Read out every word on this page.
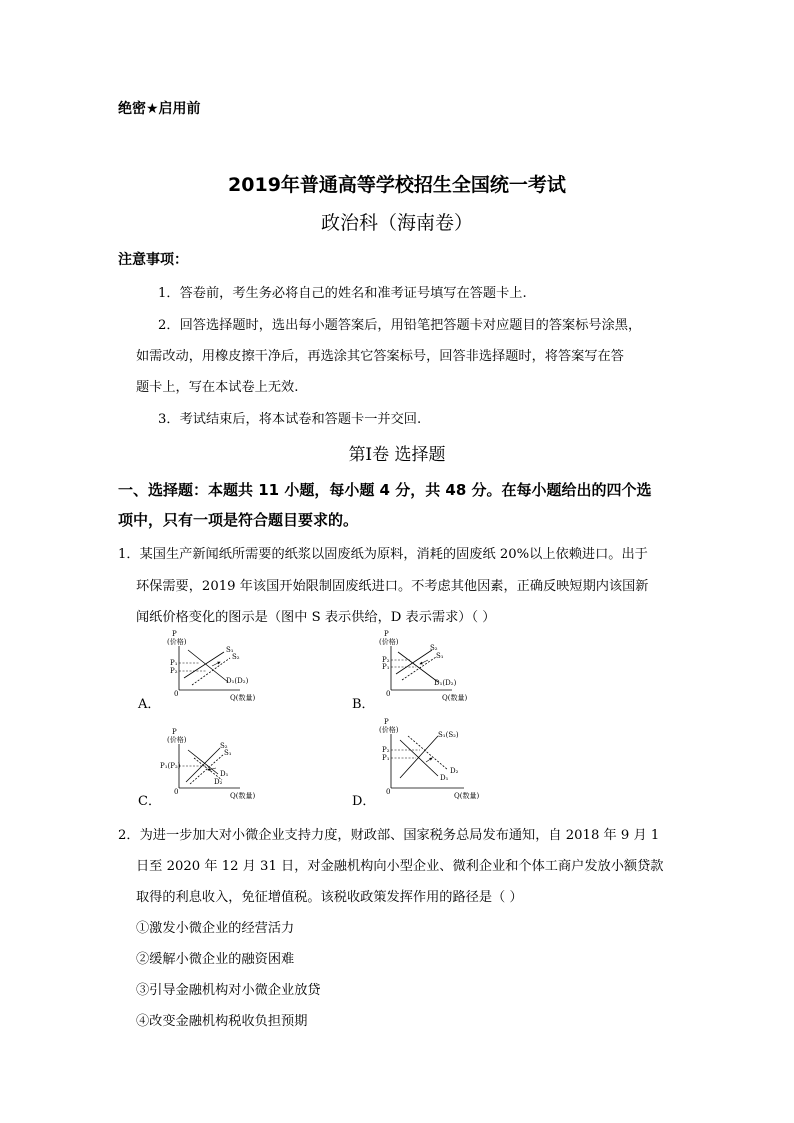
绝密★启用前
2019年普通高等学校招生全国统一考试
政治科（海南卷）
注意事项：
1．答卷前，考生务必将自己的姓名和准考证号填写在答题卡上.
2．回答选择题时，选出每小题答案后，用铅笔把答题卡对应题目的答案标号涂黑，
如需改动，用橡皮擦干净后，再选涂其它答案标号，回答非选择题时，将答案写在答
题卡上，写在本试卷上无效.
3．考试结束后，将本试卷和答题卡一并交回.
第Ⅰ卷 选择题
一、选择题：本题共 11 小题，每小题 4 分，共 48 分。在每小题给出的四个选
项中，只有一项是符合题目要求的。
1．某国生产新闻纸所需要的纸浆以固废纸为原料，消耗的固废纸 20%以上依赖进口。出于
环保需要，2019 年该国开始限制固废纸进口。不考虑其他因素，正确反映短期内该国新
闻纸价格变化的图示是（图中 S 表示供给，D 表示需求）（ ）
A．	B．
C．	D．
P
(价格)
0	Q(数量)
P₁
P₂
S₁
S₂
D₁(D₂)
P
(价格)
0	Q(数量)
P₂
P₁
S₂
S₁
D₁(D₂)
P
(价格)
0	Q(数量)
P₁(P₂)
S₂
S₁
D₁
D₂
P
(价格)
0	Q(数量)
P₂
P₁
S₁(S₂)
D₂
D₁
2．为进一步加大对小微企业支持力度，财政部、国家税务总局发布通知，自 2018 年 9 月 1
日至 2020 年 12 月 31 日，对金融机构向小型企业、微利企业和个体工商户发放小额贷款
取得的利息收入，免征增值税。该税收政策发挥作用的路径是（ ）
①激发小微企业的经营活力
②缓解小微企业的融资困难
③引导金融机构对小微企业放贷
④改变金融机构税收负担预期
